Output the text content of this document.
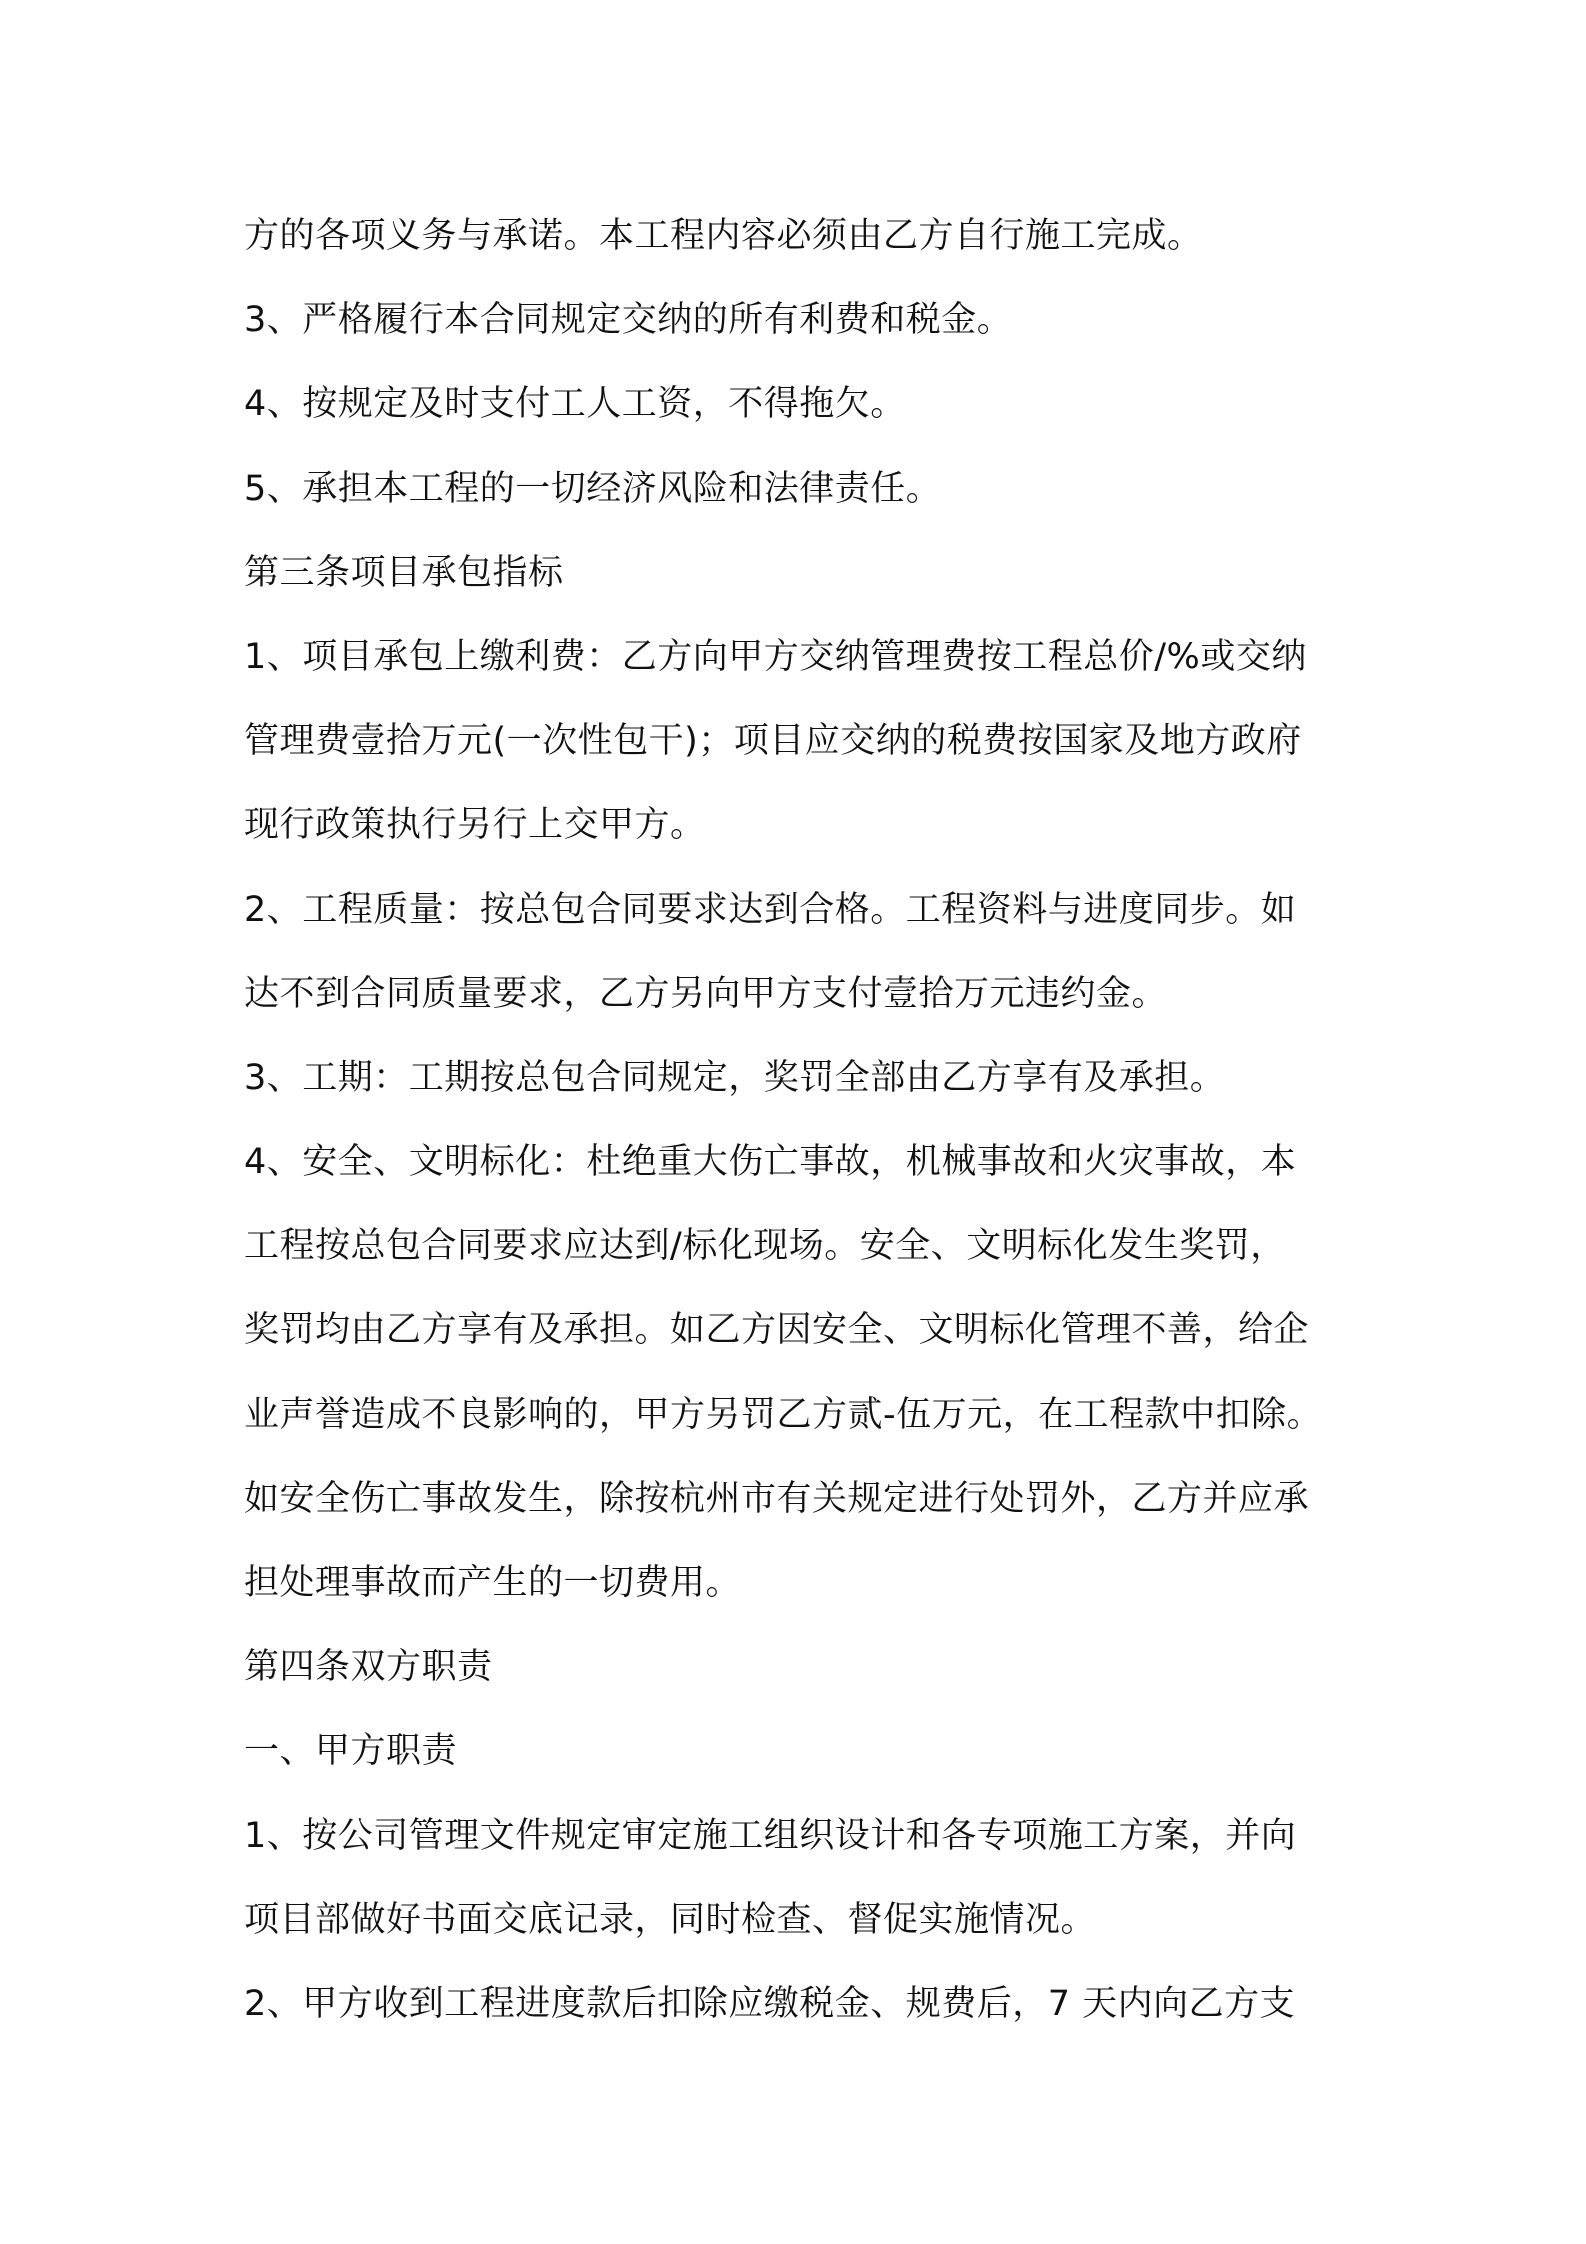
方的各项义务与承诺。本工程内容必须由乙方自行施工完成。
3、严格履行本合同规定交纳的所有利费和税金。
4、按规定及时支付工人工资，不得拖欠。
5、承担本工程的一切经济风险和法律责任。
第三条项目承包指标
1、项目承包上缴利费：乙方向甲方交纳管理费按工程总价/%或交纳
管理费壹拾万元(一次性包干)；项目应交纳的税费按国家及地方政府
现行政策执行另行上交甲方。
2、工程质量：按总包合同要求达到合格。工程资料与进度同步。如
达不到合同质量要求，乙方另向甲方支付壹拾万元违约金。
3、工期：工期按总包合同规定，奖罚全部由乙方享有及承担。
4、安全、文明标化：杜绝重大伤亡事故，机械事故和火灾事故，本
工程按总包合同要求应达到/标化现场。安全、文明标化发生奖罚，
奖罚均由乙方享有及承担。如乙方因安全、文明标化管理不善，给企
业声誉造成不良影响的，甲方另罚乙方贰-伍万元，在工程款中扣除。
如安全伤亡事故发生，除按杭州市有关规定进行处罚外，乙方并应承
担处理事故而产生的一切费用。
第四条双方职责
一、甲方职责
1、按公司管理文件规定审定施工组织设计和各专项施工方案，并向
项目部做好书面交底记录，同时检查、督促实施情况。
2、甲方收到工程进度款后扣除应缴税金、规费后，7 天内向乙方支
